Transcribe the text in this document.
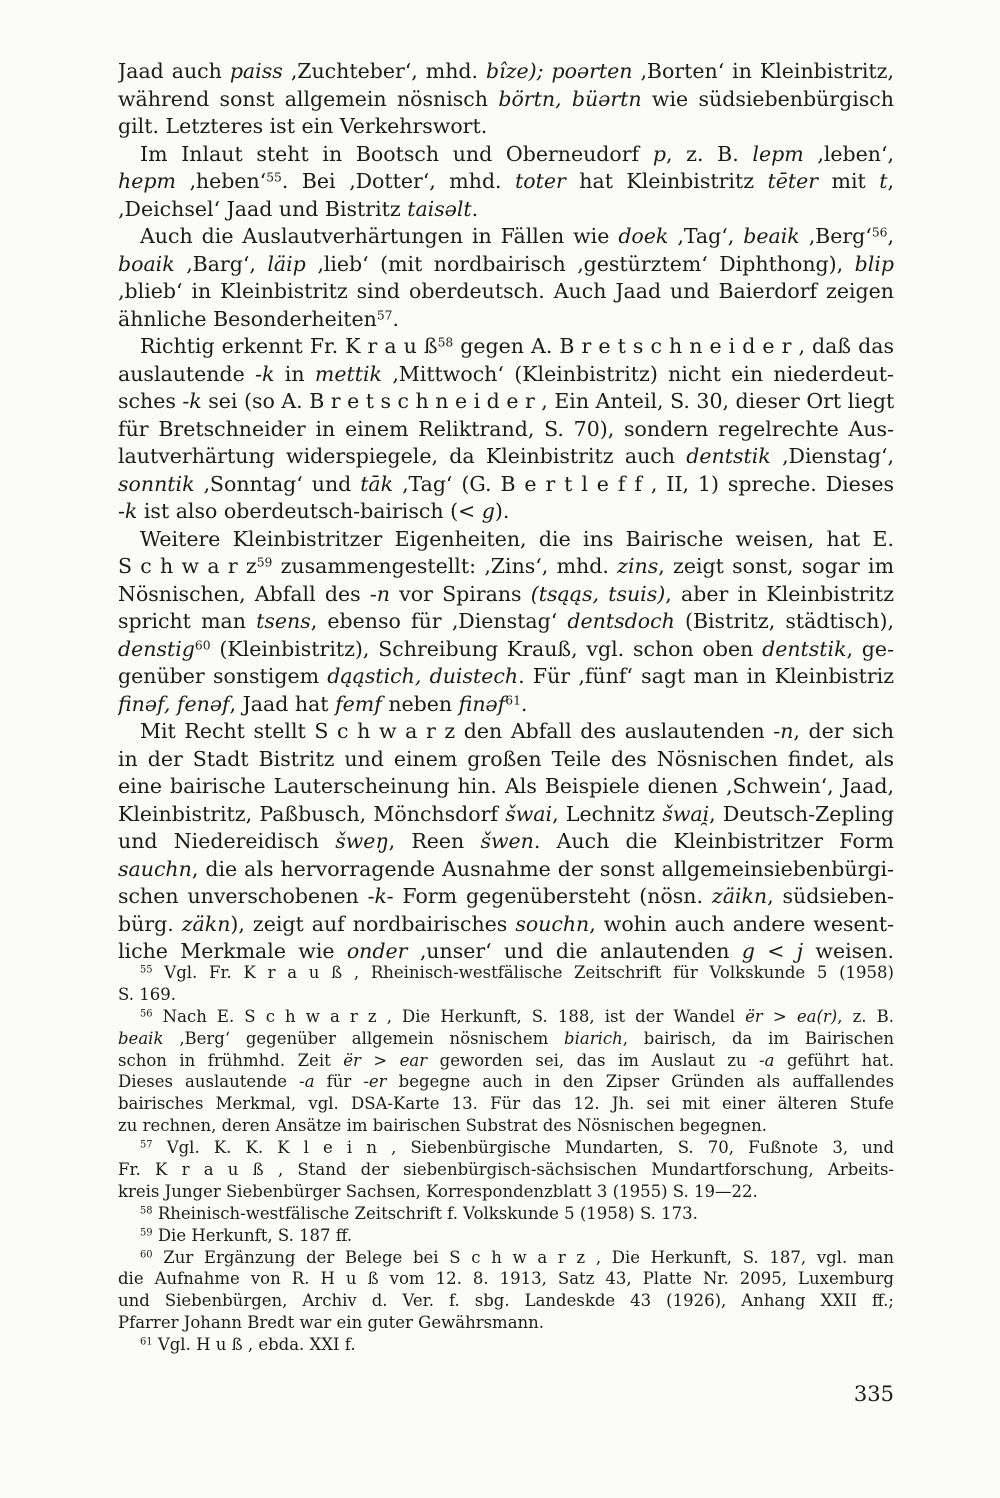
Jaad auch paiss ‚Zuchteber‘, mhd. bîze); poərten ‚Borten‘ in Kleinbistritz,
während sonst allgemein nösnisch börtn, büərtn wie südsiebenbürgisch
gilt. Letzteres ist ein Verkehrswort.
Im Inlaut steht in Bootsch und Oberneudorf p, z. B. lepm ‚leben‘,
hepm ‚heben‘$^{55}$. Bei ‚Dotter‘, mhd. toter hat Kleinbistritz tēter mit t,
‚Deichsel‘ Jaad und Bistritz taisəlt.
Auch die Auslautverhärtungen in Fällen wie doek ‚Tag‘, beaik ‚Berg‘$^{56}$,
boaik ‚Barg‘, läip ‚lieb‘ (mit nordbairisch ‚gestürztem‘ Diphthong), blip
‚blieb‘ in Kleinbistritz sind oberdeutsch. Auch Jaad und Baierdorf zeigen
ähnliche Besonderheiten$^{57}$.
Richtig erkennt Fr. K r a u $ß^{58}$ gegen A. B r e t s c h n e i d e r , daß das
auslautende -k in mettik ‚Mittwoch‘ (Kleinbistritz) nicht ein niederdeut-
sches -k sei (so A. B r e t s c h n e i d e r , Ein Anteil, S. 30, dieser Ort liegt
für Bretschneider in einem Reliktrand, S. 70), sondern regelrechte Aus-
lautverhärtung widerspiegele, da Kleinbistritz auch dentstik ‚Dienstag‘,
sonntik ‚Sonntag‘ und tāk ‚Tag‘ (G. B e r t l e f f , II, 1) spreche. Dieses
-k ist also oberdeutsch-bairisch (< g).
Weitere Kleinbistritzer Eigenheiten, die ins Bairische weisen, hat E.
S c h w a r $z^{59}$ zusammengestellt: ‚Zins‘, mhd. zins, zeigt sonst, sogar im
Nösnischen, Abfall des -n vor Spirans (tsąąs, tsuis), aber in Kleinbistritz
spricht man tsens, ebenso für ‚Dienstag‘ dentsdoch (Bistritz, städtisch),
denstig$^{60}$ (Kleinbistritz), Schreibung Krauß, vgl. schon oben dentstik, ge-
genüber sonstigem dąąstich, duistech. Für ‚fünf‘ sagt man in Kleinbistriz
finəf, fenəf, Jaad hat femf neben finəf$^{61}$.
Mit Recht stellt S c h w a r z den Abfall des auslautenden -n, der sich
in der Stadt Bistritz und einem großen Teile des Nösnischen findet, als
eine bairische Lauterscheinung hin. Als Beispiele dienen ‚Schwein‘, Jaad,
Kleinbistritz, Paßbusch, Mönchsdorf šwai, Lechnitz šwai̯, Deutsch-Zepling
und Niedereidisch šweŋ, Reen šwen. Auch die Kleinbistritzer Form
sauchn, die als hervorragende Ausnahme der sonst allgemeinsiebenbürgi-
schen unverschobenen -k- Form gegenübersteht (nösn. zäikn, südsieben-
bürg. zäkn), zeigt auf nordbairisches souchn, wohin auch andere wesent-
liche Merkmale wie onder ‚unser‘ und die anlautenden g < j weisen.
$^{55}$ Vgl. Fr. K r a u ß , Rheinisch-westfälische Zeitschrift für Volkskunde 5 (1958)
S. 169.
$^{56}$ Nach E. S c h w a r z , Die Herkunft, S. 188, ist der Wandel ër > ea(r), z. B.
beaik ‚Berg‘ gegenüber allgemein nösnischem biarich, bairisch, da im Bairischen
schon in frühmhd. Zeit ër > ear geworden sei, das im Auslaut zu -a geführt hat.
Dieses auslautende -a für -er begegne auch in den Zipser Gründen als auffallendes
bairisches Merkmal, vgl. DSA-Karte 13. Für das 12. Jh. sei mit einer älteren Stufe
zu rechnen, deren Ansätze im bairischen Substrat des Nösnischen begegnen.
$^{57}$ Vgl. K. K. K l e i n , Siebenbürgische Mundarten, S. 70, Fußnote 3, und
Fr. K r a u ß , Stand der siebenbürgisch-sächsischen Mundartforschung, Arbeits-
kreis Junger Siebenbürger Sachsen, Korrespondenzblatt 3 (1955) S. 19—22.
$^{58}$ Rheinisch-westfälische Zeitschrift f. Volkskunde 5 (1958) S. 173.
$^{59}$ Die Herkunft, S. 187 ff.
$^{60}$ Zur Ergänzung der Belege bei S c h w a r z , Die Herkunft, S. 187, vgl. man
die Aufnahme von R. H u ß vom 12. 8. 1913, Satz 43, Platte Nr. 2095, Luxemburg
und Siebenbürgen, Archiv d. Ver. f. sbg. Landeskde 43 (1926), Anhang XXII ff.;
Pfarrer Johann Bredt war ein guter Gewährsmann.
$^{61}$ Vgl. H u ß , ebda. XXI f.
335
